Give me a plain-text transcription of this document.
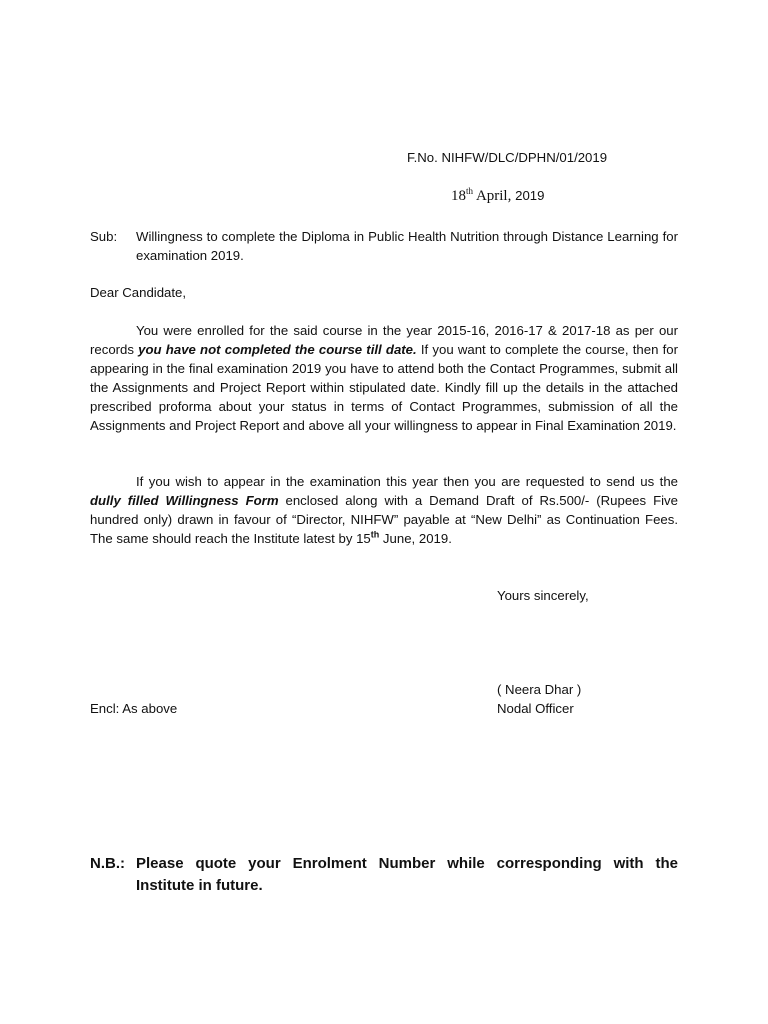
F.No. NIHFW/DLC/DPHN/01/2019
18th April, 2019
Sub:	Willingness to complete the Diploma in Public Health Nutrition through Distance Learning for examination 2019.
Dear Candidate,

You were enrolled for the said course in the year 2015-16, 2016-17 & 2017-18 as per our records you have not completed the course till date. If you want to complete the course, then for appearing in the final examination 2019 you have to attend both the Contact Programmes, submit all the Assignments and Project Report within stipulated date. Kindly fill up the details in the attached prescribed proforma about your status in terms of Contact Programmes, submission of all the Assignments and Project Report and above all your willingness to appear in Final Examination 2019.

If you wish to appear in the examination this year then you are requested to send us the dully filled Willingness Form enclosed along with a Demand Draft of Rs.500/- (Rupees Five hundred only) drawn in favour of “Director, NIHFW” payable at “New Delhi” as Continuation Fees. The same should reach the Institute latest by 15th June, 2019.

Yours sincerely,
( Neera Dhar )
Nodal Officer
Encl: As above
N.B.: Please quote your Enrolment Number while corresponding with the Institute in future.
